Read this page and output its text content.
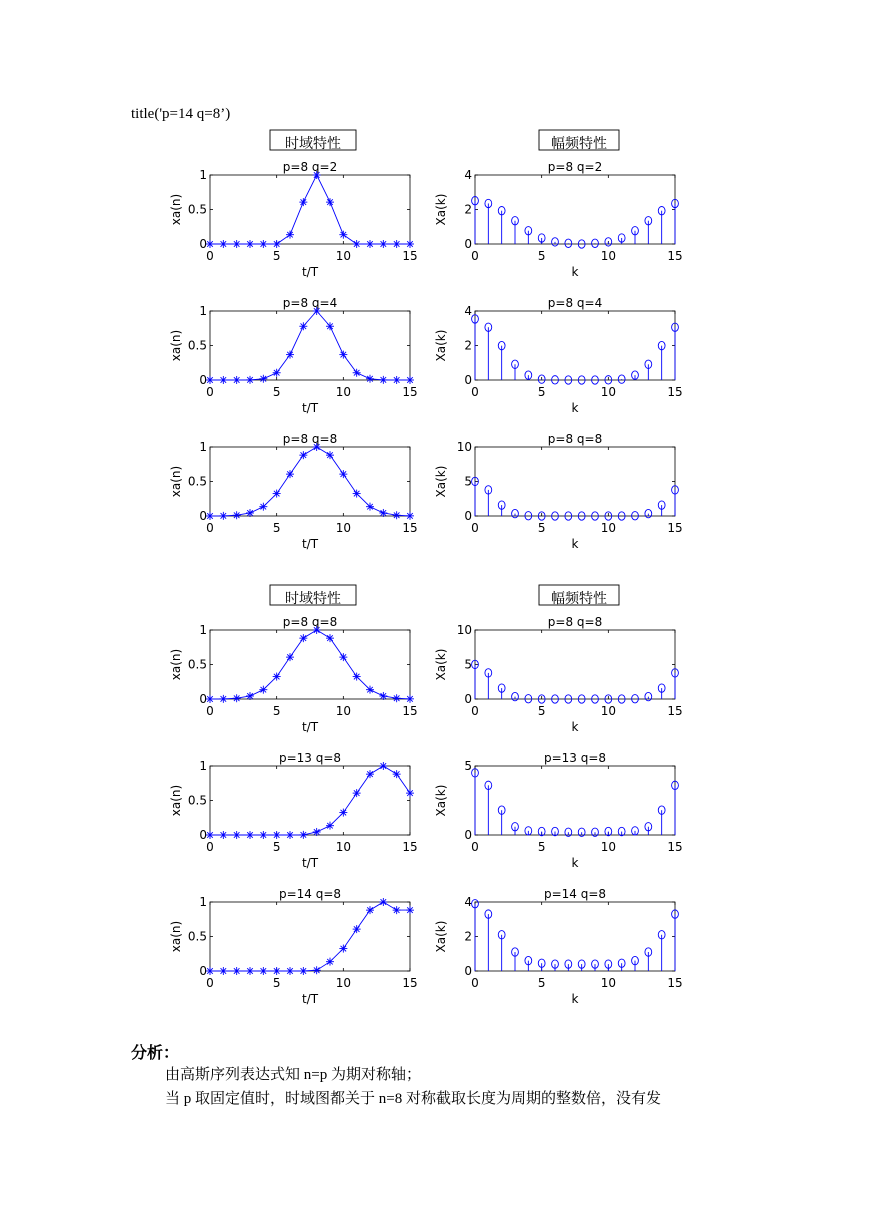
title('p=14 q=8’)
时域特性	幅频特性
p=8 q=2
0	5	10	15
0
0.5
1
t/T
xa(n)
p=8 q=2
0	5	10	15
0
2
4
k
Xa(k)
p=8 q=4
0	5	10	15
0
0.5
1
t/T
xa(n)
p=8 q=4
0	5	10	15
0
2
4
k
Xa(k)
p=8 q=8
0	5	10	15
0
0.5
1
t/T
xa(n)
p=8 q=8
0	5	10	15
0
5
10
k
Xa(k)
时域特性	幅频特性
p=8 q=8
0	5	10	15
0
0.5
1
t/T
xa(n)
p=8 q=8
0	5	10	15
0
5
10
k
Xa(k)
p=13 q=8
0	5	10	15
0
0.5
1
t/T
xa(n)
p=13 q=8
0	5	10	15
0
5
k
Xa(k)
p=14 q=8
0	5	10	15
0
0.5
1
t/T
xa(n)
p=14 q=8
0	5	10	15
0
2
4
k
Xa(k)
分析：

由高斯序列表达式知 n=p 为期对称轴；

当 p 取固定值时，时域图都关于 n=8 对称截取长度为周期的整数倍，没有发
